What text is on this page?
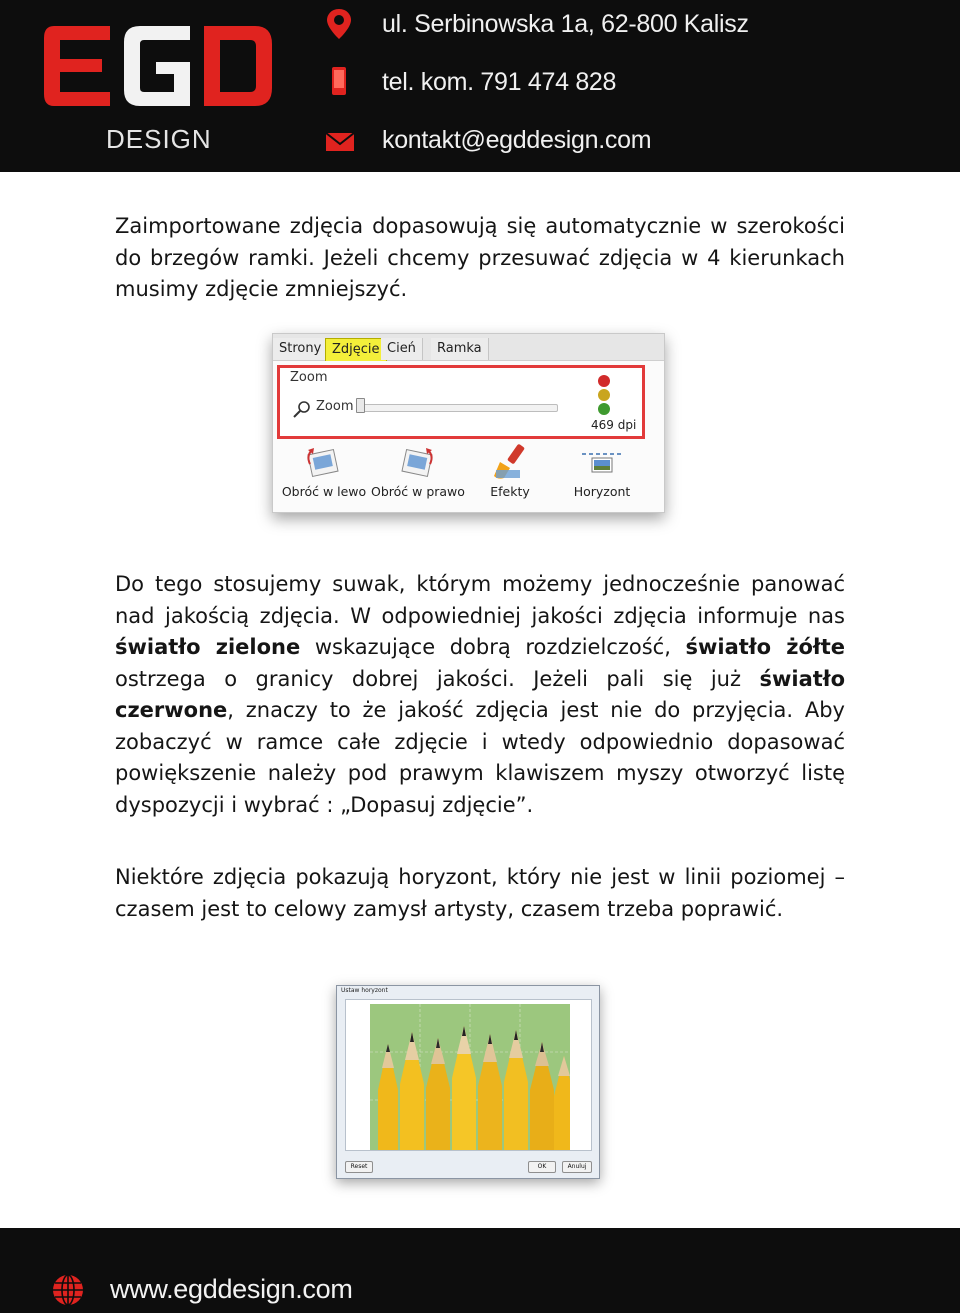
DESIGN
ul. Serbinowska 1a, 62-800 Kalisz
tel. kom. 791 474 828
kontakt@egddesign.com

Zaimportowane zdjęcia dopasowują się automatycznie w szerokości do brzegów ramki. Jeżeli chcemy przesuwać zdjęcia w 4 kierunkach musimy zdjęcie zmniejszyć.

Strony Zdjęcie Cień	Ramka
Zoom
Zoom
469 dpi
Obróć w lewo Obróć w prawo	Efekty	Horyzont

Do tego stosujemy suwak, którym możemy jednocześnie panować nad jakością zdjęcia. W odpowiedniej jakości zdjęcia informuje nas światło zielone wskazujące dobrą rozdzielczość, światło żółte ostrzega o granicy dobrej jakości. Jeżeli pali się już światło czerwone, znaczy to że jakość zdjęcia jest nie do przyjęcia. Aby zobaczyć w ramce całe zdjęcie i wtedy odpowiednio dopasować powiększenie należy pod prawym klawiszem myszy otworzyć listę dyspozycji i wybrać : „Dopasuj zdjęcie”.

Niektóre zdjęcia pokazują horyzont, który nie jest w linii poziomej – czasem jest to celowy zamysł artysty, czasem trzeba poprawić.

Ustaw horyzont
Reset	OK	Anuluj
www.egddesign.com
